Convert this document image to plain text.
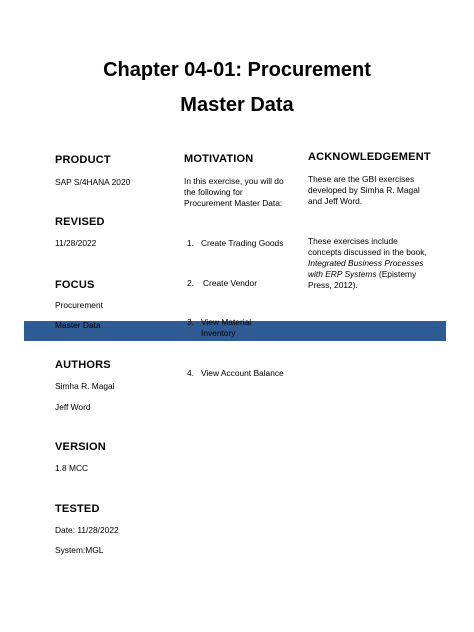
Chapter 04-01: Procurement
Master Data
PRODUCT
SAP S/4HANA 2020
REVISED
11/28/2022
FOCUS
Procurement
Master Data
AUTHORS
Simha R. Magal
Jeff Word
VERSION
1.8 MCC
TESTED
Date: 11/28/2022
System:MGL
MOTIVATION
In this exercise, you will do
the following for
Procurement Master Data:
1. Create Trading Goods
2. Create Vendor
3. View Material
Inventory
4. View Account Balance
ACKNOWLEDGEMENT
These are the GBI exercises
developed by Simha R. Magal
and Jeff Word.
These exercises include
concepts discussed in the book,
Integrated Business Processes
with ERP Systems (Epistemy
Press, 2012).
